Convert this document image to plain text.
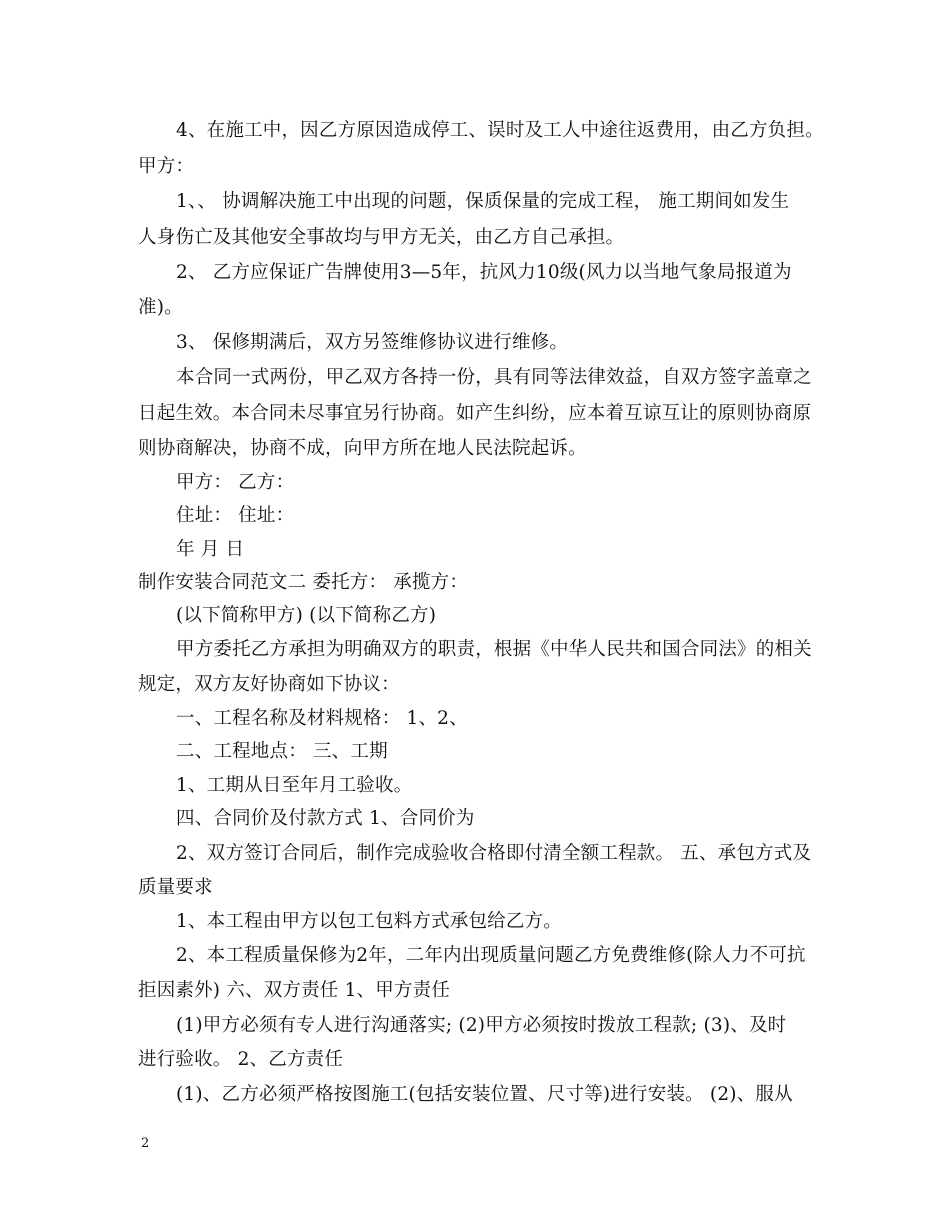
4、在施工中，因乙方原因造成停工、误时及工人中途往返费用，由乙方负担。
甲方：
1、、 协调解决施工中出现的问题，保质保量的完成工程， 施工期间如发生
人身伤亡及其他安全事故均与甲方无关，由乙方自己承担。
2、 乙方应保证广告牌使用3—5年，抗风力10级(风力以当地气象局报道为
准)。
3、 保修期满后，双方另签维修协议进行维修。
本合同一式两份，甲乙双方各持一份，具有同等法律效益，自双方签字盖章之
日起生效。本合同未尽事宜另行协商。如产生纠纷，应本着互谅互让的原则协商原
则协商解决，协商不成，向甲方所在地人民法院起诉。
甲方： 乙方：
住址： 住址：
年 月 日
制作安装合同范文二 委托方： 承揽方：
(以下简称甲方) (以下简称乙方)
甲方委托乙方承担为明确双方的职责，根据《中华人民共和国合同法》的相关
规定，双方友好协商如下协议：
一、工程名称及材料规格： 1、2、
二、工程地点： 三、工期
1、工期从日至年月工验收。
四、合同价及付款方式 1、合同价为
2、双方签订合同后，制作完成验收合格即付清全额工程款。 五、承包方式及
质量要求
1、本工程由甲方以包工包料方式承包给乙方。
2、本工程质量保修为2年，二年内出现质量问题乙方免费维修(除人力不可抗
拒因素外) 六、双方责任 1、甲方责任
(1)甲方必须有专人进行沟通落实; (2)甲方必须按时拨放工程款; (3)、及时
进行验收。 2、乙方责任
(1)、乙方必须严格按图施工(包括安装位置、尺寸等)进行安装。 (2)、服从
2
